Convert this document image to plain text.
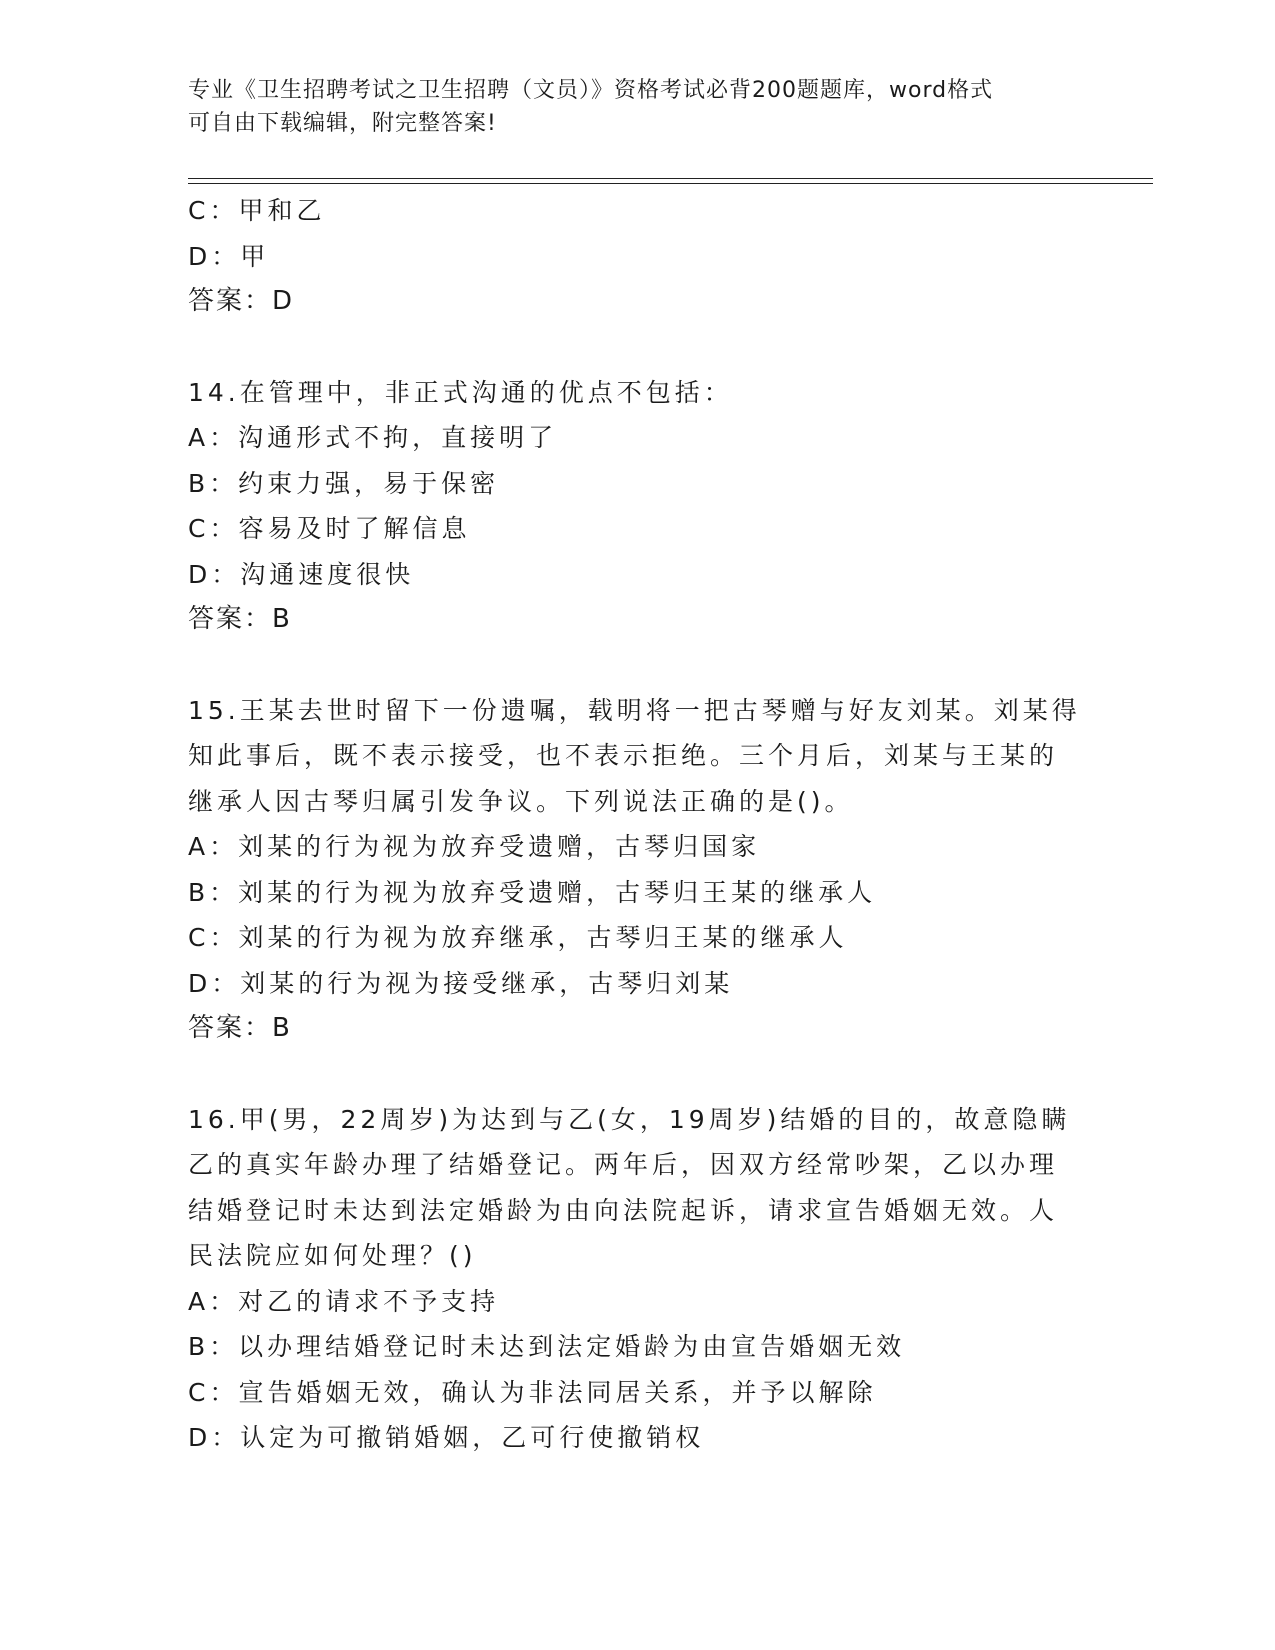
专业《卫生招聘考试之卫生招聘（文员）》资格考试必背200题题库，word格式
可自由下载编辑，附完整答案!
C：甲和乙
D：甲
答案：D
14.在管理中，非正式沟通的优点不包括：
A：沟通形式不拘，直接明了
B：约束力强，易于保密
C：容易及时了解信息
D：沟通速度很快
答案：B
15.王某去世时留下一份遗嘱，载明将一把古琴赠与好友刘某。刘某得
知此事后，既不表示接受，也不表示拒绝。三个月后，刘某与王某的
继承人因古琴归属引发争议。下列说法正确的是()。
A：刘某的行为视为放弃受遗赠，古琴归国家
B：刘某的行为视为放弃受遗赠，古琴归王某的继承人
C：刘某的行为视为放弃继承，古琴归王某的继承人
D：刘某的行为视为接受继承，古琴归刘某
答案：B
16.甲(男，22周岁)为达到与乙(女，19周岁)结婚的目的，故意隐瞒
乙的真实年龄办理了结婚登记。两年后，因双方经常吵架，乙以办理
结婚登记时未达到法定婚龄为由向法院起诉，请求宣告婚姻无效。人
民法院应如何处理？()
A：对乙的请求不予支持
B：以办理结婚登记时未达到法定婚龄为由宣告婚姻无效
C：宣告婚姻无效，确认为非法同居关系，并予以解除
D：认定为可撤销婚姻，乙可行使撤销权
